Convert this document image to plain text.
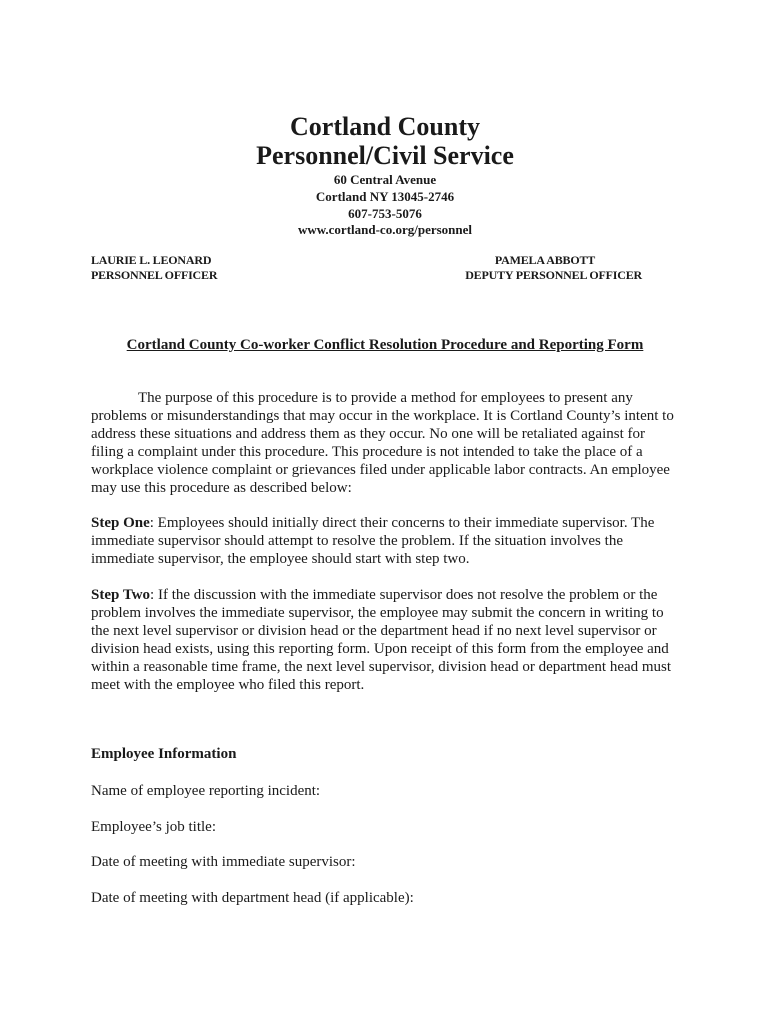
Cortland County
Personnel/Civil Service
60 Central Avenue
Cortland NY 13045-2746
607-753-5076
www.cortland-co.org/personnel
LAURIE L. LEONARD
PERSONNEL OFFICER
PAMELA ABBOTT
DEPUTY PERSONNEL OFFICER
Cortland County Co-worker Conflict Resolution Procedure and Reporting Form

The purpose of this procedure is to provide a method for employees to present any problems or misunderstandings that may occur in the workplace. It is Cortland County’s intent to address these situations and address them as they occur. No one will be retaliated against for filing a complaint under this procedure. This procedure is not intended to take the place of a workplace violence complaint or grievances filed under applicable labor contracts. An employee may use this procedure as described below:

Step One: Employees should initially direct their concerns to their immediate supervisor. The immediate supervisor should attempt to resolve the problem. If the situation involves the immediate supervisor, the employee should start with step two.

Step Two: If the discussion with the immediate supervisor does not resolve the problem or the problem involves the immediate supervisor, the employee may submit the concern in writing to the next level supervisor or division head or the department head if no next level supervisor or division head exists, using this reporting form. Upon receipt of this form from the employee and within a reasonable time frame, the next level supervisor, division head or department head must meet with the employee who filed this report.

Employee Information
Name of employee reporting incident:
Employee’s job title:
Date of meeting with immediate supervisor:
Date of meeting with department head (if applicable):
